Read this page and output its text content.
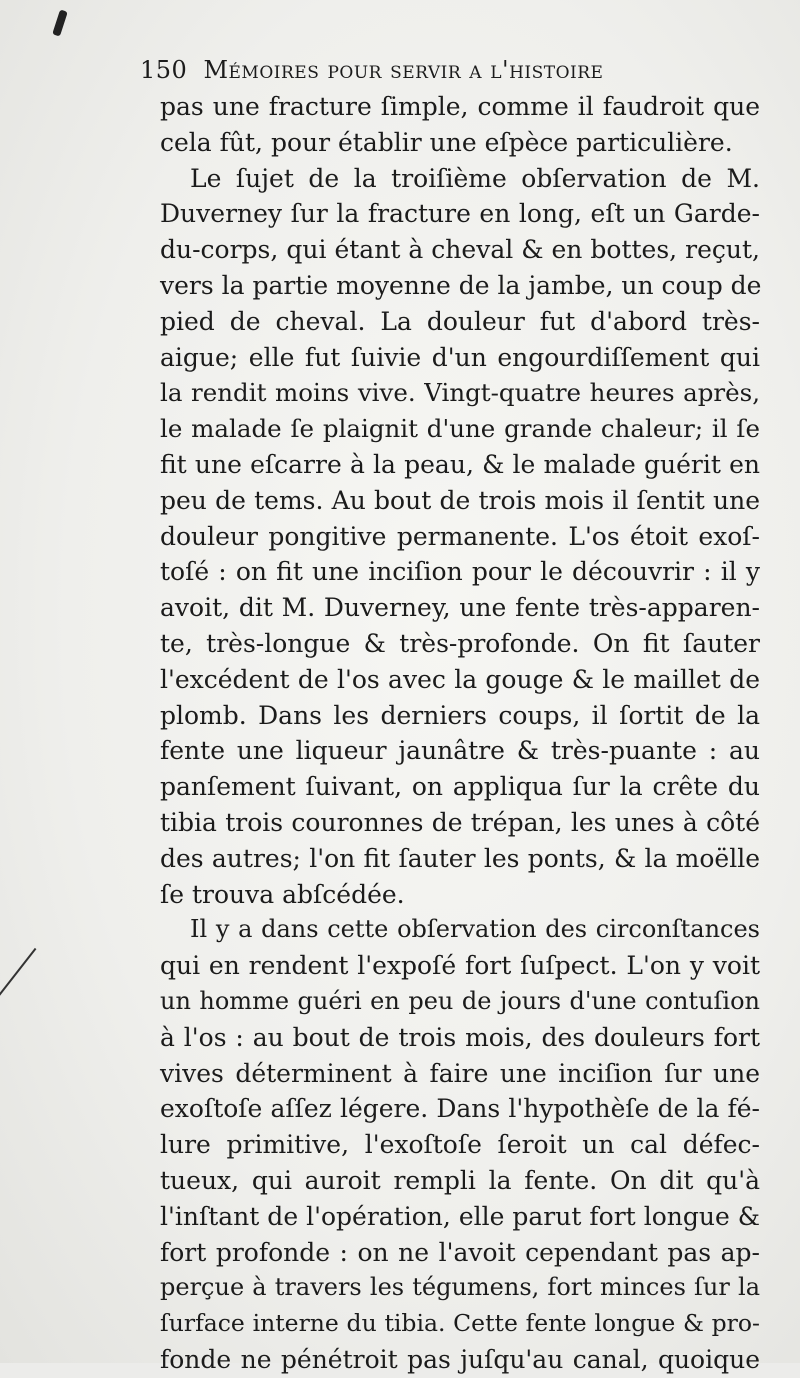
150 Mémoires pour servir a l'histoire
pas une fracture ſimple, comme il faudroit que
cela fût, pour établir une eſpèce particulière.
Le ſujet de la troiſième obſervation de M.
Duverney ſur la fracture en long, eſt un Garde-
du-corps, qui étant à cheval & en bottes, reçut,
vers la partie moyenne de la jambe, un coup de
pied de cheval. La douleur fut d'abord très-
aigue; elle fut ſuivie d'un engourdiſſement qui
la rendit moins vive. Vingt-quatre heures après,
le malade ſe plaignit d'une grande chaleur; il ſe
fit une eſcarre à la peau, & le malade guérit en
peu de tems. Au bout de trois mois il ſentit une
douleur pongitive permanente. L'os étoit exoſ-
toſé : on fit une inciſion pour le découvrir : il y
avoit, dit M. Duverney, une fente très-apparen-
te, très-longue & très-profonde. On fit ſauter
l'excédent de l'os avec la gouge & le maillet de
plomb. Dans les derniers coups, il ſortit de la
fente une liqueur jaunâtre & très-puante : au
panſement ſuivant, on appliqua ſur la crête du
tibia trois couronnes de trépan, les unes à côté
des autres; l'on fit ſauter les ponts, & la moëlle
ſe trouva abſcédée.
Il y a dans cette obſervation des circonſtances
qui en rendent l'expoſé fort ſuſpect. L'on y voit
un homme guéri en peu de jours d'une contuſion
à l'os : au bout de trois mois, des douleurs fort
vives déterminent à faire une inciſion ſur une
exoſtoſe aſſez légere. Dans l'hypothèſe de la fé-
lure primitive, l'exoſtoſe ſeroit un cal défec-
tueux, qui auroit rempli la fente. On dit qu'à
l'inſtant de l'opération, elle parut fort longue &
fort profonde : on ne l'avoit cependant pas ap-
perçue à travers les tégumens, fort minces ſur la
ſurface interne du tibia. Cette fente longue & pro-
fonde ne pénétroit pas juſqu'au canal, quoique
